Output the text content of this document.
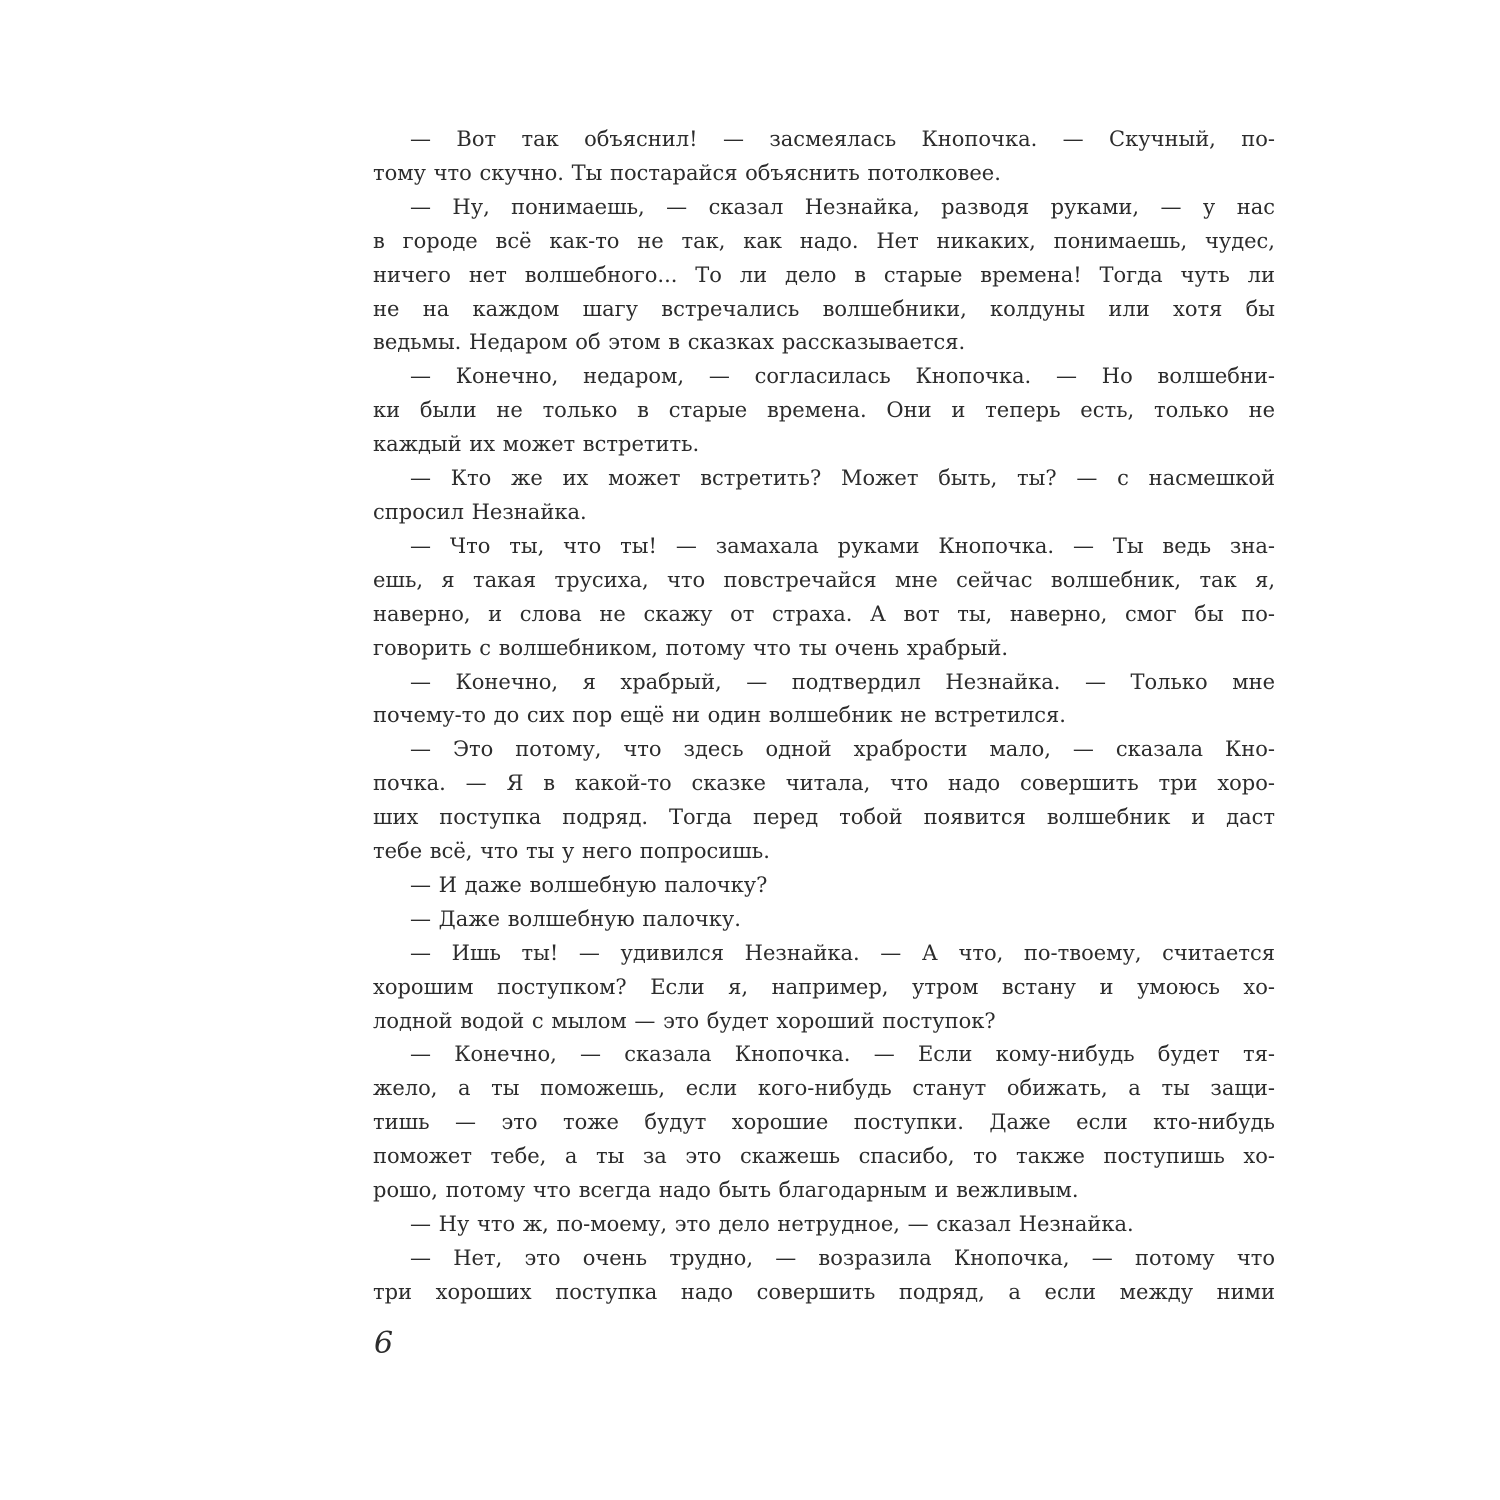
— Вот так объяснил! — засмеялась Кнопочка. — Скучный, по-
тому что скучно. Ты постарайся объяснить потолковее.
— Ну, понимаешь, — сказал Незнайка, разводя руками, — у нас
в городе всё как-то не так, как надо. Нет никаких, понимаешь, чудес,
ничего нет волшебного... То ли дело в старые времена! Тогда чуть ли
не на каждом шагу встречались волшебники, колдуны или хотя бы
ведьмы. Недаром об этом в сказках рассказывается.
— Конечно, недаром, — согласилась Кнопочка. — Но волшебни-
ки были не только в старые времена. Они и теперь есть, только не
каждый их может встретить.
— Кто же их может встретить? Может быть, ты? — с насмешкой
спросил Незнайка.
— Что ты, что ты! — замахала руками Кнопочка. — Ты ведь зна-
ешь, я такая трусиха, что повстречайся мне сейчас волшебник, так я,
наверно, и слова не скажу от страха. А вот ты, наверно, смог бы по-
говорить с волшебником, потому что ты очень храбрый.
— Конечно, я храбрый, — подтвердил Незнайка. — Только мне
почему-то до сих пор ещё ни один волшебник не встретился.
— Это потому, что здесь одной храбрости мало, — сказала Кно-
почка. — Я в какой-то сказке читала, что надо совершить три хоро-
ших поступка подряд. Тогда перед тобой появится волшебник и даст
тебе всё, что ты у него попросишь.
— И даже волшебную палочку?
— Даже волшебную палочку.
— Ишь ты! — удивился Незнайка. — А что, по-твоему, считается
хорошим поступком? Если я, например, утром встану и умоюсь хо-
лодной водой с мылом — это будет хороший поступок?
— Конечно, — сказала Кнопочка. — Если кому-нибудь будет тя-
жело, а ты поможешь, если кого-нибудь станут обижать, а ты защи-
тишь — это тоже будут хорошие поступки. Даже если кто-нибудь
поможет тебе, а ты за это скажешь спасибо, то также поступишь хо-
рошо, потому что всегда надо быть благодарным и вежливым.
— Ну что ж, по-моему, это дело нетрудное, — сказал Незнайка.
— Нет, это очень трудно, — возразила Кнопочка, — потому что
три хороших поступка надо совершить подряд, а если между ними
6
